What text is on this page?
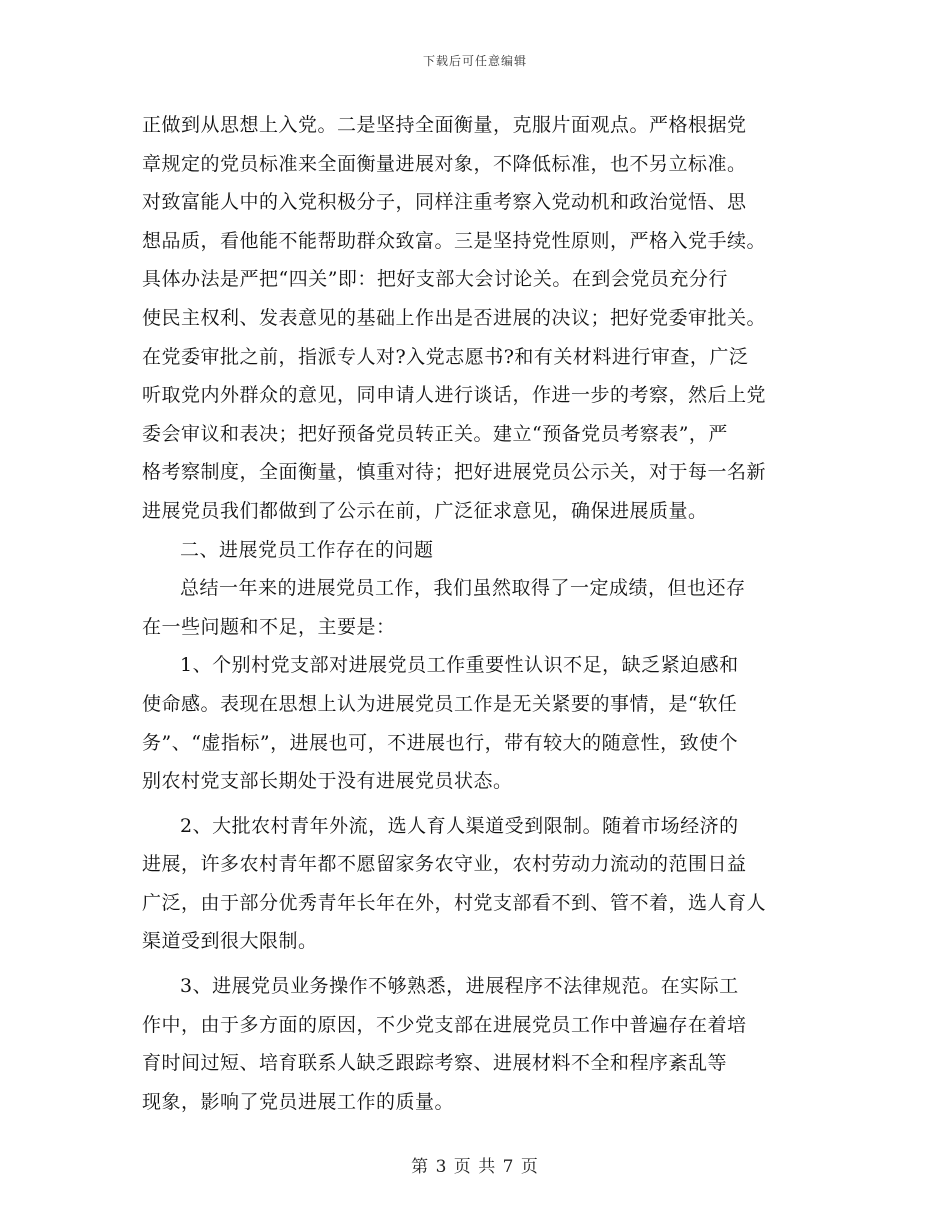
下载后可任意编辑
正做到从思想上入党。二是坚持全面衡量，克服片面观点。严格根据党
章规定的党员标准来全面衡量进展对象，不降低标准，也不另立标准。
对致富能人中的入党积极分子，同样注重考察入党动机和政治觉悟、思
想品质，看他能不能帮助群众致富。三是坚持党性原则，严格入党手续。
具体办法是严把“四关”即：把好支部大会讨论关。在到会党员充分行
使民主权利、发表意见的基础上作出是否进展的决议；把好党委审批关。
在党委审批之前，指派专人对?入党志愿书?和有关材料进行审查，广泛
听取党内外群众的意见，同申请人进行谈话，作进一步的考察，然后上党
委会审议和表决；把好预备党员转正关。建立“预备党员考察表”，严
格考察制度，全面衡量，慎重对待；把好进展党员公示关，对于每一名新
进展党员我们都做到了公示在前，广泛征求意见，确保进展质量。
二、进展党员工作存在的问题
总结一年来的进展党员工作，我们虽然取得了一定成绩，但也还存
在一些问题和不足，主要是：
1、个别村党支部对进展党员工作重要性认识不足，缺乏紧迫感和
使命感。表现在思想上认为进展党员工作是无关紧要的事情，是“软任
务”、“虚指标”，进展也可，不进展也行，带有较大的随意性，致使个
别农村党支部长期处于没有进展党员状态。
2、大批农村青年外流，选人育人渠道受到限制。随着市场经济的
进展，许多农村青年都不愿留家务农守业，农村劳动力流动的范围日益
广泛，由于部分优秀青年长年在外，村党支部看不到、管不着，选人育人
渠道受到很大限制。
3、进展党员业务操作不够熟悉，进展程序不法律规范。在实际工
作中，由于多方面的原因，不少党支部在进展党员工作中普遍存在着培
育时间过短、培育联系人缺乏跟踪考察、进展材料不全和程序紊乱等
现象，影响了党员进展工作的质量。
第 3 页 共 7 页
